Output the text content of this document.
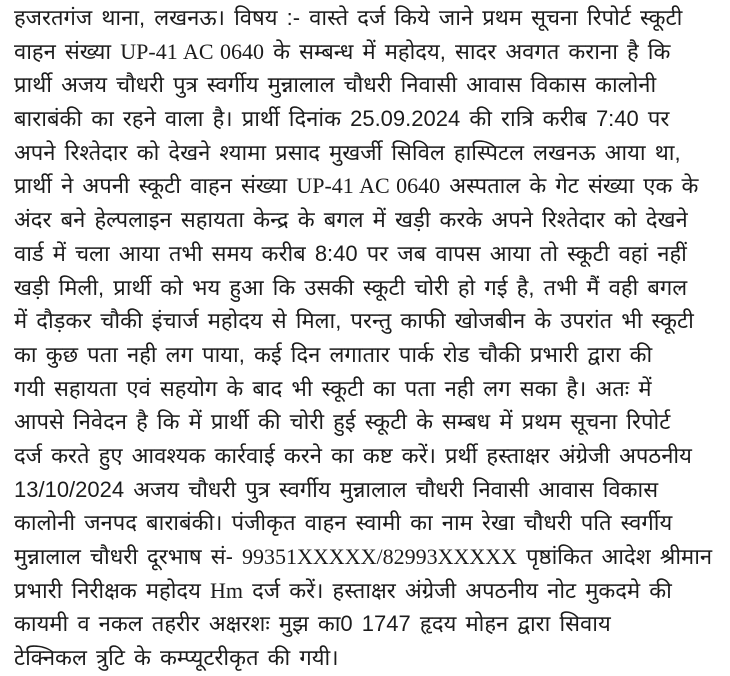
हजरतगंज थाना, लखनऊ। विषय :- वास्ते दर्ज किये जाने प्रथम सूचना रिपोर्ट स्कूटी
वाहन संख्या UP-41 AC 0640 के सम्बन्ध में महोदय, सादर अवगत कराना है कि
प्रार्थी अजय चौधरी पुत्र स्वर्गीय मुन्नालाल चौधरी निवासी आवास विकास कालोनी
बाराबंकी का रहने वाला है। प्रार्थी दिनांक 25.09.2024 की रात्रि करीब 7:40 पर
अपने रिश्तेदार को देखने श्यामा प्रसाद मुखर्जी सिविल हास्पिटल लखनऊ आया था,
प्रार्थी ने अपनी स्कूटी वाहन संख्या UP-41 AC 0640 अस्पताल के गेट संख्या एक के
अंदर बने हेल्पलाइन सहायता केन्द्र के बगल में खड़ी करके अपने रिश्तेदार को देखने
वार्ड में चला आया तभी समय करीब 8:40 पर जब वापस आया तो स्कूटी वहां नहीं
खड़ी मिली, प्रार्थी को भय हुआ कि उसकी स्कूटी चोरी हो गई है, तभी मैं वही बगल
में दौड़कर चौकी इंचार्ज महोदय से मिला, परन्तु काफी खोजबीन के उपरांत भी स्कूटी
का कुछ पता नही लग पाया, कई दिन लगातार पार्क रोड चौकी प्रभारी द्वारा की
गयी सहायता एवं सहयोग के बाद भी स्कूटी का पता नही लग सका है। अतः में
आपसे निवेदन है कि में प्रार्थी की चोरी हुई स्कूटी के सम्बध में प्रथम सूचना रिपोर्ट
दर्ज करते हुए आवश्यक कार्रवाई करने का कष्ट करें। प्रर्थी हस्ताक्षर अंग्रेजी अपठनीय
13/10/2024 अजय चौधरी पुत्र स्वर्गीय मुन्नालाल चौधरी निवासी आवास विकास
कालोनी जनपद बाराबंकी। पंजीकृत वाहन स्वामी का नाम रेखा चौधरी पति स्वर्गीय
मुन्नालाल चौधरी दूरभाष सं- 99351XXXXX/82993XXXXX पृष्ठांकित आदेश श्रीमान
प्रभारी निरीक्षक महोदय Hm दर्ज करें। हस्ताक्षर अंग्रेजी अपठनीय नोट मुकदमे की
कायमी व नकल तहरीर अक्षरशः मुझ का0 1747 हृदय मोहन द्वारा सिवाय
टेक्निकल त्रुटि के कम्प्यूटरीकृत की गयी।
